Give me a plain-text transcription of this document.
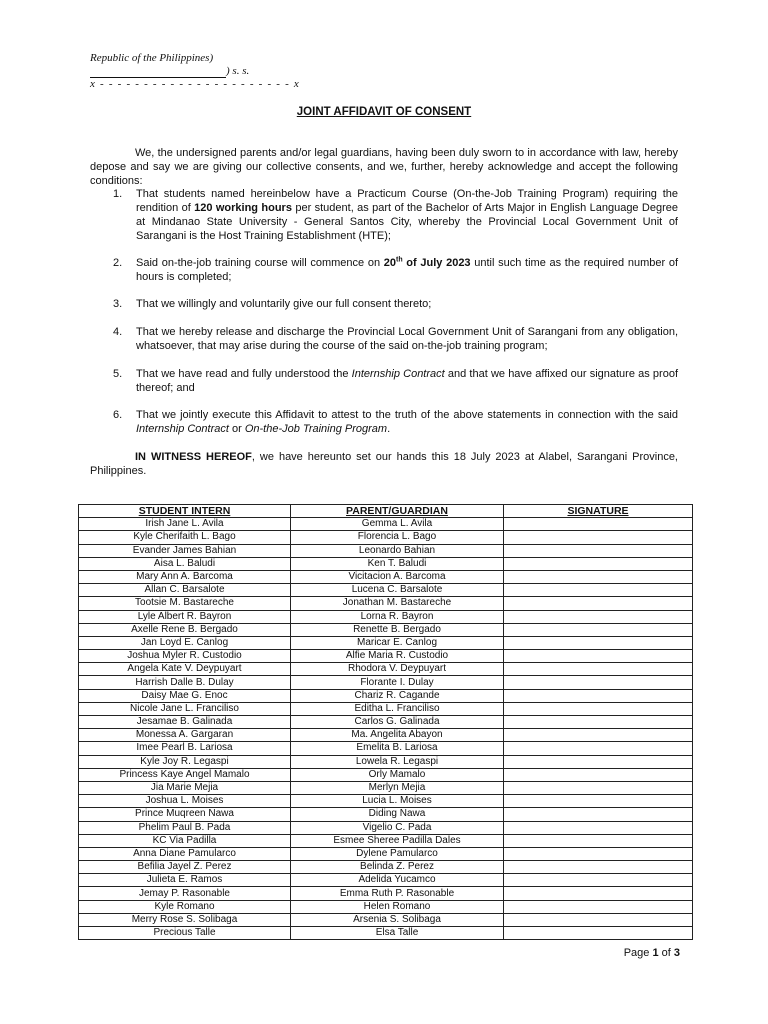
Republic of the Philippines)
) s. s.
x - - - - - - - - - - - - - - - - - - - - - - x
JOINT AFFIDAVIT OF CONSENT
We, the undersigned parents and/or legal guardians, having been duly sworn to in accordance with law, hereby depose and say we are giving our collective consents, and we, further, hereby acknowledge and accept the following conditions:
1. That students named hereinbelow have a Practicum Course (On-the-Job Training Program) requiring the rendition of 120 working hours per student, as part of the Bachelor of Arts Major in English Language Degree at Mindanao State University - General Santos City, whereby the Provincial Local Government Unit of Sarangani is the Host Training Establishment (HTE);
2. Said on-the-job training course will commence on 20th of July 2023 until such time as the required number of hours is completed;
3. That we willingly and voluntarily give our full consent thereto;
4. That we hereby release and discharge the Provincial Local Government Unit of Sarangani from any obligation, whatsoever, that may arise during the course of the said on-the-job training program;
5. That we have read and fully understood the Internship Contract and that we have affixed our signature as proof thereof; and
6. That we jointly execute this Affidavit to attest to the truth of the above statements in connection with the said Internship Contract or On-the-Job Training Program.
IN WITNESS HEREOF, we have hereunto set our hands this 18 July 2023 at Alabel, Sarangani Province, Philippines.
STUDENT INTERN	PARENT/GUARDIAN	SIGNATURE
Irish Jane L. Avila	Gemma L. Avila	
Kyle Cherifaith L. Bago	Florencia L. Bago	
Evander James Bahian	Leonardo Bahian	
Aisa L. Baludi	Ken T. Baludi	
Mary Ann A. Barcoma	Vicitacion A. Barcoma	
Allan C. Barsalote	Lucena C. Barsalote	
Tootsie M. Bastareche	Jonathan M. Bastareche	
Lyle Albert R. Bayron	Lorna R. Bayron	
Axelle Rene B. Bergado	Renette B. Bergado	
Jan Loyd E. Canlog	Maricar E. Canlog	
Joshua Myler R. Custodio	Alfie Maria R. Custodio	
Angela Kate V. Deypuyart	Rhodora V. Deypuyart	
Harrish Dalle B. Dulay	Florante I. Dulay	
Daisy Mae G. Enoc	Chariz R. Cagande	
Nicole Jane L. Franciliso	Editha L. Franciliso	
Jesamae B. Galinada	Carlos G. Galinada	
Monessa A. Gargaran	Ma. Angelita Abayon	
Imee Pearl B. Lariosa	Emelita B. Lariosa	
Kyle Joy R. Legaspi	Lowela R. Legaspi	
Princess Kaye Angel Mamalo	Orly Mamalo	
Jia Marie Mejia	Merlyn Mejia	
Joshua L. Moises	Lucia L. Moises	
Prince Muqreen Nawa	Diding Nawa	
Phelim Paul B. Pada	Vigelio C. Pada	
KC Via Padilla	Esmee Sheree Padilla Dales	
Anna Diane Pamularco	Dylene Pamularco	
Befilia Jayel Z. Perez	Belinda Z. Perez	
Julieta E. Ramos	Adelida Yucamco	
Jemay P. Rasonable	Emma Ruth P. Rasonable	
Kyle Romano	Helen Romano	
Merry Rose S. Solibaga	Arsenia S. Solibaga	
Precious Talle	Elsa Talle	
Page 1 of 3
